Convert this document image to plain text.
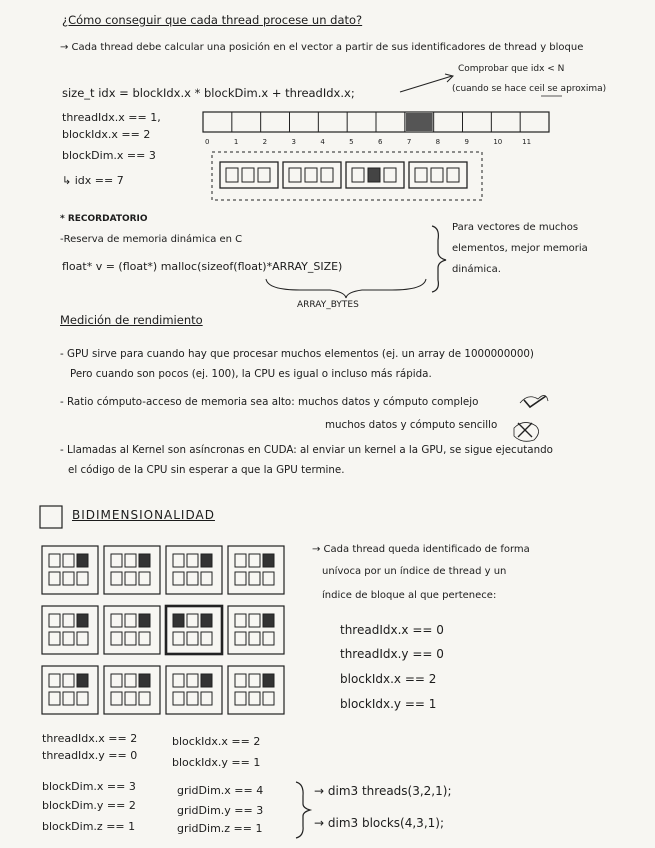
¿Cómo conseguir que cada thread procese un dato?
→ Cada thread debe calcular una posición en el vector a partir de sus identificadores de thread y bloque
Comprobar que idx < N
(cuando se hace ceil se aproxima)
size_t idx = blockIdx.x * blockDim.x + threadIdx.x;
threadIdx.x == 1,
blockIdx.x == 2
blockDim.x == 3
↳ idx == 7
0	1	2	3	4	5	6	7	8	9	10	11
* RECORDATORIO
-Reserva de memoria dinámica en C
float* v = (float*) malloc(sizeof(float)*ARRAY_SIZE)
ARRAY_BYTES
Para vectores de muchos
elementos, mejor memoria
dinámica.
Medición de rendimiento
- GPU sirve para cuando hay que procesar muchos elementos (ej. un array de 1000000000)
Pero cuando son pocos (ej. 100), la CPU es igual o incluso más rápida.
- Ratio cómputo-acceso de memoria sea alto: muchos datos y cómputo complejo
muchos datos y cómputo sencillo
- Llamadas al Kernel son asíncronas en CUDA: al enviar un kernel a la GPU, se sigue ejecutando
el código de la CPU sin esperar a que la GPU termine.
BIDIMENSIONALIDAD
→ Cada thread queda identificado de forma
unívoca por un índice de thread y un
índice de bloque al que pertenece:
threadIdx.x == 0
threadIdx.y == 0
blockIdx.x == 2
blockIdx.y == 1
threadIdx.x == 2
threadIdx.y == 0
blockIdx.x == 2
blockIdx.y == 1
blockDim.x == 3
blockDim.y == 2
blockDim.z == 1
gridDim.x == 4
gridDim.y == 3
gridDim.z == 1
→ dim3 threads(3,2,1);
→ dim3 blocks(4,3,1);
